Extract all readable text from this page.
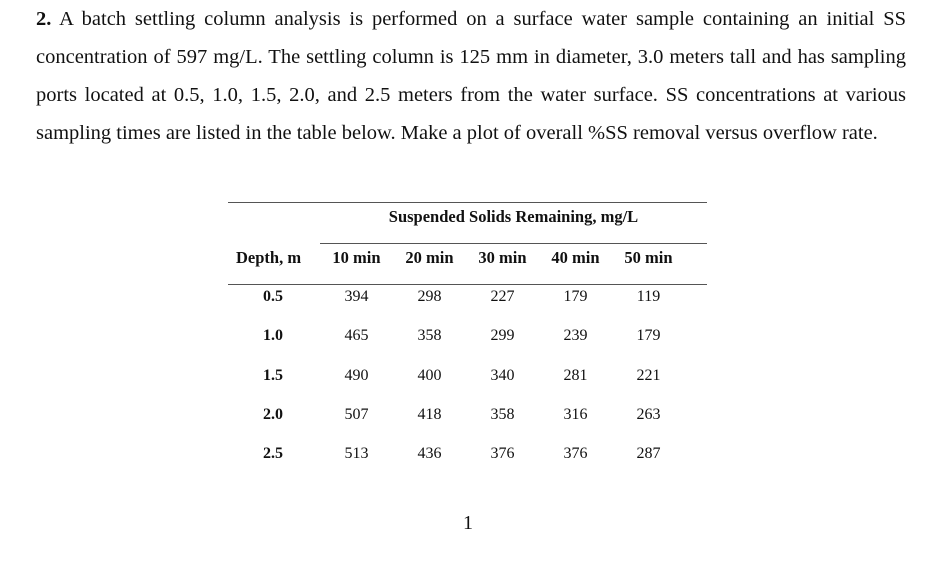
2. A batch settling column analysis is performed on a surface water sample containing an initial SS concentration of 597 mg/L. The settling column is 125 mm in diameter, 3.0 meters tall and has sampling ports located at 0.5, 1.0, 1.5, 2.0, and 2.5 meters from the water surface. SS concentrations at various sampling times are listed in the table below. Make a plot of overall %SS removal versus overflow rate.
Suspended Solids Remaining, mg/L
Depth, m	10 min	20 min	30 min	40 min	50 min
0.5	394	298	227	179	119
1.0	465	358	299	239	179
1.5	490	400	340	281	221
2.0	507	418	358	316	263
2.5	513	436	376	376	287
1
